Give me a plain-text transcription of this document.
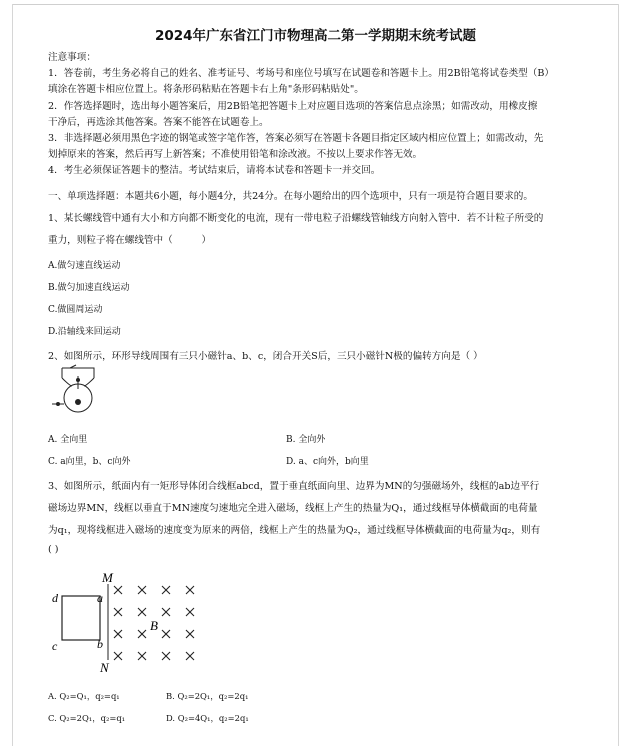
2024年广东省江门市物理高二第一学期期末统考试题

注意事项：

1．答卷前，考生务必将自己的姓名、准考证号、考场号和座位号填写在试题卷和答题卡上。用2B铅笔将试卷类型（B）

填涂在答题卡相应位置上。将条形码粘贴在答题卡右上角"条形码粘贴处"。

2．作答选择题时，选出每小题答案后，用2B铅笔把答题卡上对应题目选项的答案信息点涂黑；如需改动，用橡皮擦

干净后，再选涂其他答案。答案不能答在试题卷上。

3．非选择题必须用黑色字迹的钢笔或签字笔作答，答案必须写在答题卡各题目指定区域内相应位置上；如需改动，先

划掉原来的答案，然后再写上新答案；不准使用铅笔和涂改液。不按以上要求作答无效。

4．考生必须保证答题卡的整洁。考试结束后，请将本试卷和答题卡一并交回。

一、单项选择题：本题共6小题，每小题4分，共24分。在每小题给出的四个选项中，只有一项是符合题目要求的。
1、某长螺线管中通有大小和方向都不断变化的电流，现有一带电粒子沿螺线管轴线方向射入管中．若不计粒子所受的
重力，则粒子将在螺线管中（　　　）
A.做匀速直线运动
B.做匀加速直线运动
C.做圆周运动
D.沿轴线来回运动
2、如图所示，环形导线周围有三只小磁针a、b、c，闭合开关S后，三只小磁针N极的偏转方向是（ ）
A. 全向里	B. 全向外
C. a向里，b、c向外	D. a、c向外，b向里
3、如图所示，纸面内有一矩形导体闭合线框abcd，置于垂直纸面向里、边界为MN的匀强磁场外，线框的ab边平行
磁场边界MN，线框以垂直于MN速度匀速地完全进入磁场，线框上产生的热量为Q₁，通过线框导体横截面的电荷量
为q₁，现将线框进入磁场的速度变为原来的两倍，线框上产生的热量为Q₂，通过线框导体横截面的电荷量为q₂，则有
( )
M
N
d
c
a
b
B
A. Q₂=Q₁，q₂=q₁	B. Q₂=2Q₁，q₂=2q₁
C. Q₂=2Q₁，q₂=q₁	D. Q₂=4Q₁，q₂=2q₁
